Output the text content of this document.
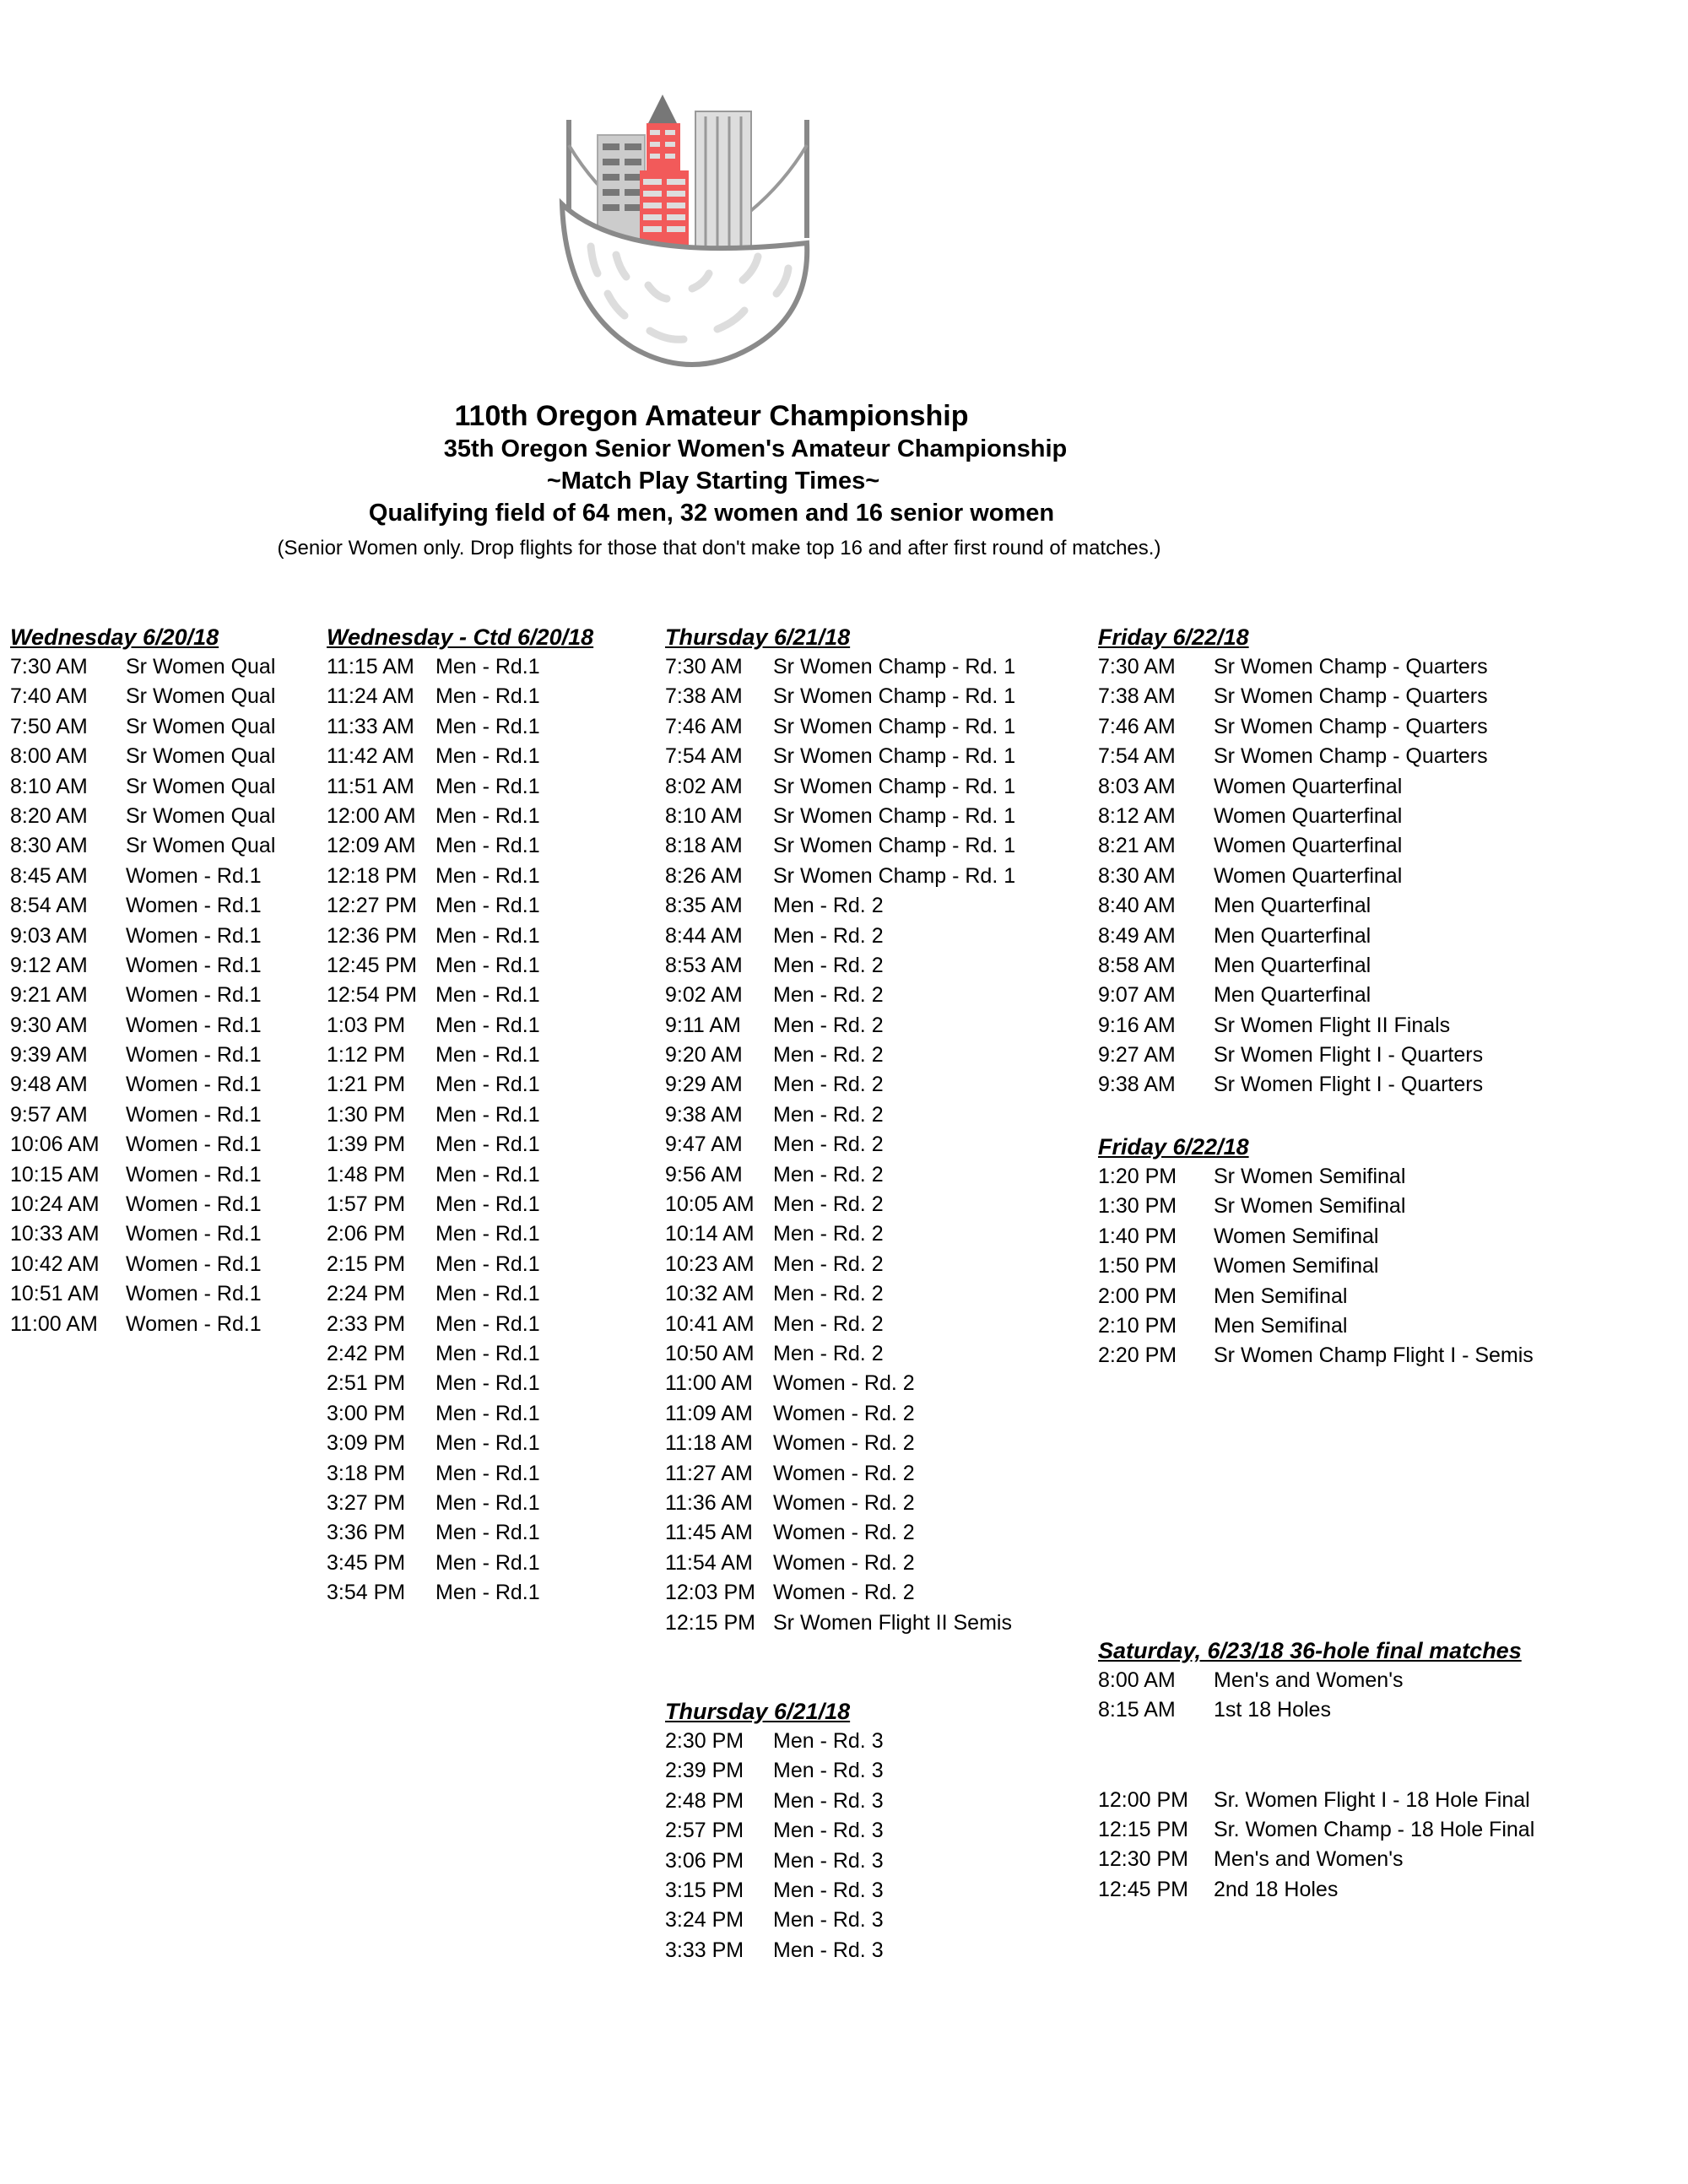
110th Oregon Amateur Championship
35th Oregon Senior Women's Amateur Championship
~Match Play Starting Times~
Qualifying field of 64 men, 32 women and 16 senior women
(Senior Women only. Drop flights for those that don't make top 16 and after first round of matches.)
Wednesday 6/20/18
7:30 AM Sr Women Qual
7:40 AM Sr Women Qual
7:50 AM Sr Women Qual
8:00 AM Sr Women Qual
8:10 AM Sr Women Qual
8:20 AM Sr Women Qual
8:30 AM Sr Women Qual
8:45 AM Women - Rd.1
8:54 AM Women - Rd.1
9:03 AM Women - Rd.1
9:12 AM Women - Rd.1
9:21 AM Women - Rd.1
9:30 AM Women - Rd.1
9:39 AM Women - Rd.1
9:48 AM Women - Rd.1
9:57 AM Women - Rd.1
10:06 AM Women - Rd.1
10:15 AM Women - Rd.1
10:24 AM Women - Rd.1
10:33 AM Women - Rd.1
10:42 AM Women - Rd.1
10:51 AM Women - Rd.1
11:00 AM Women - Rd.1
Wednesday - Ctd 6/20/18
11:15 AM Men - Rd.1
11:24 AM Men - Rd.1
11:33 AM Men - Rd.1
11:42 AM Men - Rd.1
11:51 AM Men - Rd.1
12:00 AM Men - Rd.1
12:09 AM Men - Rd.1
12:18 PM Men - Rd.1
12:27 PM Men - Rd.1
12:36 PM Men - Rd.1
12:45 PM Men - Rd.1
12:54 PM Men - Rd.1
1:03 PM Men - Rd.1
1:12 PM Men - Rd.1
1:21 PM Men - Rd.1
1:30 PM Men - Rd.1
1:39 PM Men - Rd.1
1:48 PM Men - Rd.1
1:57 PM Men - Rd.1
2:06 PM Men - Rd.1
2:15 PM Men - Rd.1
2:24 PM Men - Rd.1
2:33 PM Men - Rd.1
2:42 PM Men - Rd.1
2:51 PM Men - Rd.1
3:00 PM Men - Rd.1
3:09 PM Men - Rd.1
3:18 PM Men - Rd.1
3:27 PM Men - Rd.1
3:36 PM Men - Rd.1
3:45 PM Men - Rd.1
3:54 PM Men - Rd.1
Thursday 6/21/18
7:30 AM Sr Women Champ - Rd. 1
7:38 AM Sr Women Champ - Rd. 1
7:46 AM Sr Women Champ - Rd. 1
7:54 AM Sr Women Champ - Rd. 1
8:02 AM Sr Women Champ - Rd. 1
8:10 AM Sr Women Champ - Rd. 1
8:18 AM Sr Women Champ - Rd. 1
8:26 AM Sr Women Champ - Rd. 1
8:35 AM Men - Rd. 2
8:44 AM Men - Rd. 2
8:53 AM Men - Rd. 2
9:02 AM Men - Rd. 2
9:11 AM Men - Rd. 2
9:20 AM Men - Rd. 2
9:29 AM Men - Rd. 2
9:38 AM Men - Rd. 2
9:47 AM Men - Rd. 2
9:56 AM Men - Rd. 2
10:05 AM Men - Rd. 2
10:14 AM Men - Rd. 2
10:23 AM Men - Rd. 2
10:32 AM Men - Rd. 2
10:41 AM Men - Rd. 2
10:50 AM Men - Rd. 2
11:00 AM Women - Rd. 2
11:09 AM Women - Rd. 2
11:18 AM Women - Rd. 2
11:27 AM Women - Rd. 2
11:36 AM Women - Rd. 2
11:45 AM Women - Rd. 2
11:54 AM Women - Rd. 2
12:03 PM Women - Rd. 2
12:15 PM Sr Women Flight II Semis
Thursday 6/21/18
2:30 PM Men - Rd. 3
2:39 PM Men - Rd. 3
2:48 PM Men - Rd. 3
2:57 PM Men - Rd. 3
3:06 PM Men - Rd. 3
3:15 PM Men - Rd. 3
3:24 PM Men - Rd. 3
3:33 PM Men - Rd. 3
Friday 6/22/18
7:30 AM Sr Women Champ - Quarters
7:38 AM Sr Women Champ - Quarters
7:46 AM Sr Women Champ - Quarters
7:54 AM Sr Women Champ - Quarters
8:03 AM Women Quarterfinal
8:12 AM Women Quarterfinal
8:21 AM Women Quarterfinal
8:30 AM Women Quarterfinal
8:40 AM Men Quarterfinal
8:49 AM Men Quarterfinal
8:58 AM Men Quarterfinal
9:07 AM Men Quarterfinal
9:16 AM Sr Women Flight II Finals
9:27 AM Sr Women Flight I - Quarters
9:38 AM Sr Women Flight I - Quarters
Friday 6/22/18
1:20 PM Sr Women Semifinal
1:30 PM Sr Women Semifinal
1:40 PM Women Semifinal
1:50 PM Women Semifinal
2:00 PM Men Semifinal
2:10 PM Men Semifinal
2:20 PM Sr Women Champ Flight I - Semis
Saturday, 6/23/18 36-hole final matches
8:00 AM Men's and Women's
8:15 AM 1st 18 Holes
12:00 PM Sr. Women Flight I - 18 Hole Final
12:15 PM Sr. Women Champ - 18 Hole Final
12:30 PM Men's and Women's
12:45 PM 2nd 18 Holes
